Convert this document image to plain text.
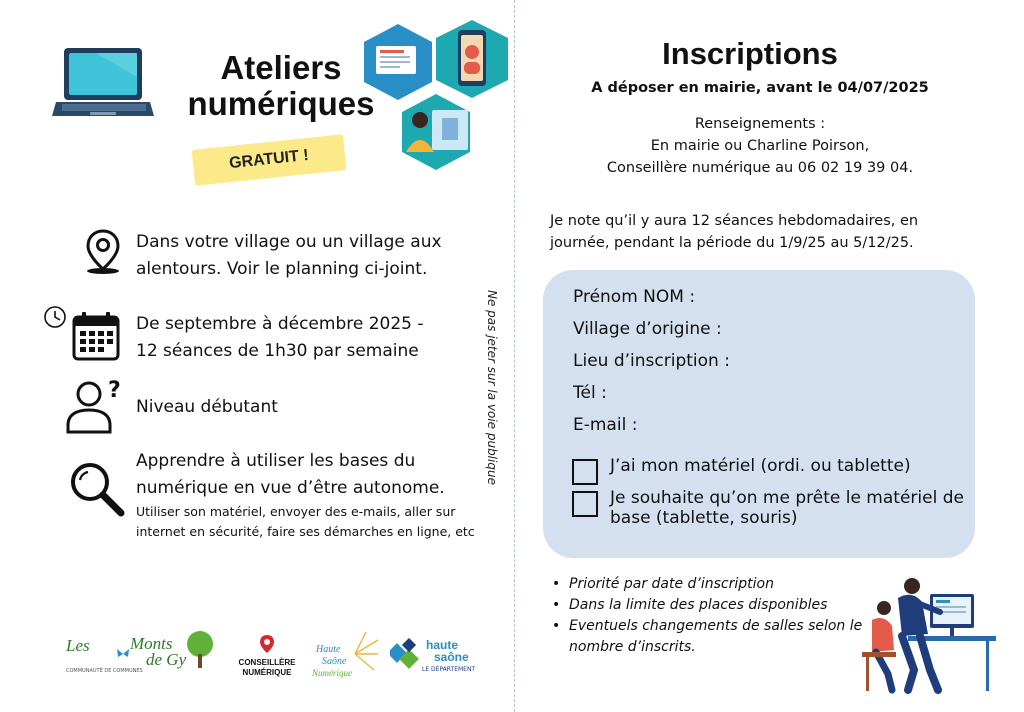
Ateliers
numériques
GRATUIT !
Dans votre village ou un village aux alentours. Voir le planning ci-joint.
De septembre à décembre 2025 -
12 séances de 1h30 par semaine
?
Niveau débutant
Apprendre à utiliser les bases du
numérique en vue d’être autonome.
Utiliser son matériel, envoyer des e-mails, aller sur internet en sécurité, faire ses démarches en ligne, etc
Les Monts
de Gy
COMMUNAUTÉ DE COMMUNES
CONSEILLÈRE
NUMÉRIQUE
Haute
Saône
Numérique
haute
saône
LE DÉPARTEMENT
Ne pas jeter sur la voie publique
Inscriptions
A déposer en mairie, avant le 04/07/2025
Renseignements :
En mairie ou Charline Poirson,
Conseillère numérique au 06 02 19 39 04.
Je note qu’il y aura 12 séances hebdomadaires, en journée, pendant la période du 1/9/25 au 5/12/25.
Prénom NOM :
Village d’origine :
Lieu d’inscription :
Tél :
E-mail :
J’ai mon matériel (ordi. ou tablette)
Je souhaite qu’on me prête le matériel de base (tablette, souris)
• Priorité par date d’inscription
• Dans la limite des places disponibles
• Eventuels changements de salles selon le nombre d’inscrits.
